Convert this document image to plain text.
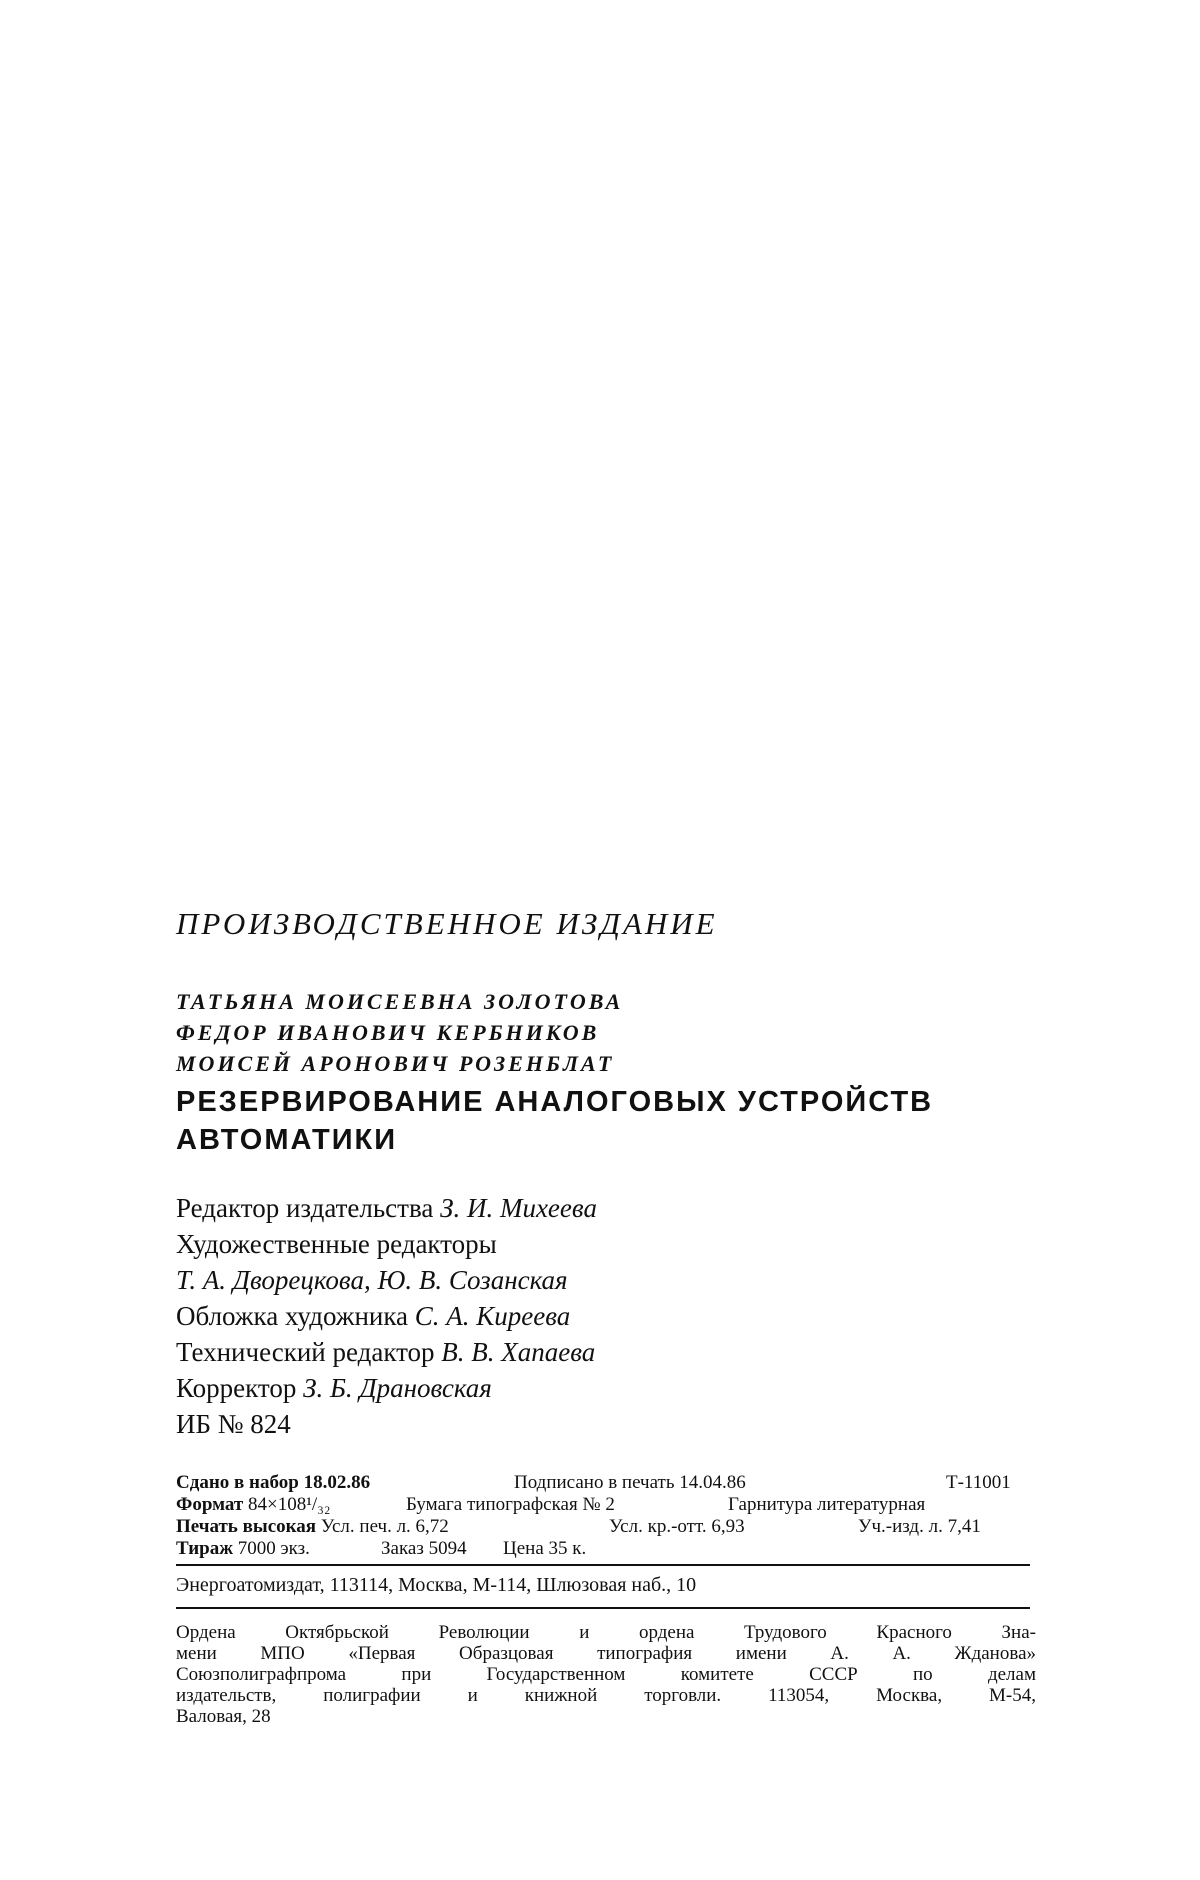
ПРОИЗВОДСТВЕННОЕ ИЗДАНИЕ
ТАТЬЯНА МОИСЕЕВНА ЗОЛОТОВА
ФЕДОР ИВАНОВИЧ КЕРБНИКОВ
МОИСЕЙ АРОНОВИЧ РОЗЕНБЛАТ
РЕЗЕРВИРОВАНИЕ АНАЛОГОВЫХ УСТРОЙСТВ
АВТОМАТИКИ
Редактор издательства З. И. Михеева
Художественные редакторы
Т. А. Дворецкова, Ю. В. Созанская
Обложка художника С. А. Киреева
Технический редактор В. В. Хапаева
Корректор З. Б. Драновская
ИБ № 824
Сдано в набор 18.02.86	Подписано в печать 14.04.86	Т-11001
Формат 84×108¹/₃₂	Бумага типографская № 2	Гарнитура литературная
Печать высокая Усл. печ. л. 6,72	Усл. кр.-отт. 6,93	Уч.-изд. л. 7,41
Тираж 7000 экз.	Заказ 5094 Цена 35 к.
Энергоатомиздат, 113114, Москва, М-114, Шлюзовая наб., 10
Ордена Октябрьской Революции и ордена Трудового Красного Зна-
мени МПО «Первая Образцовая типография имени А. А. Жданова»
Союзполиграфпрома при Государственном комитете СССР по делам
издательств, полиграфии и книжной торговли. 113054, Москва, М-54,
Валовая, 28
